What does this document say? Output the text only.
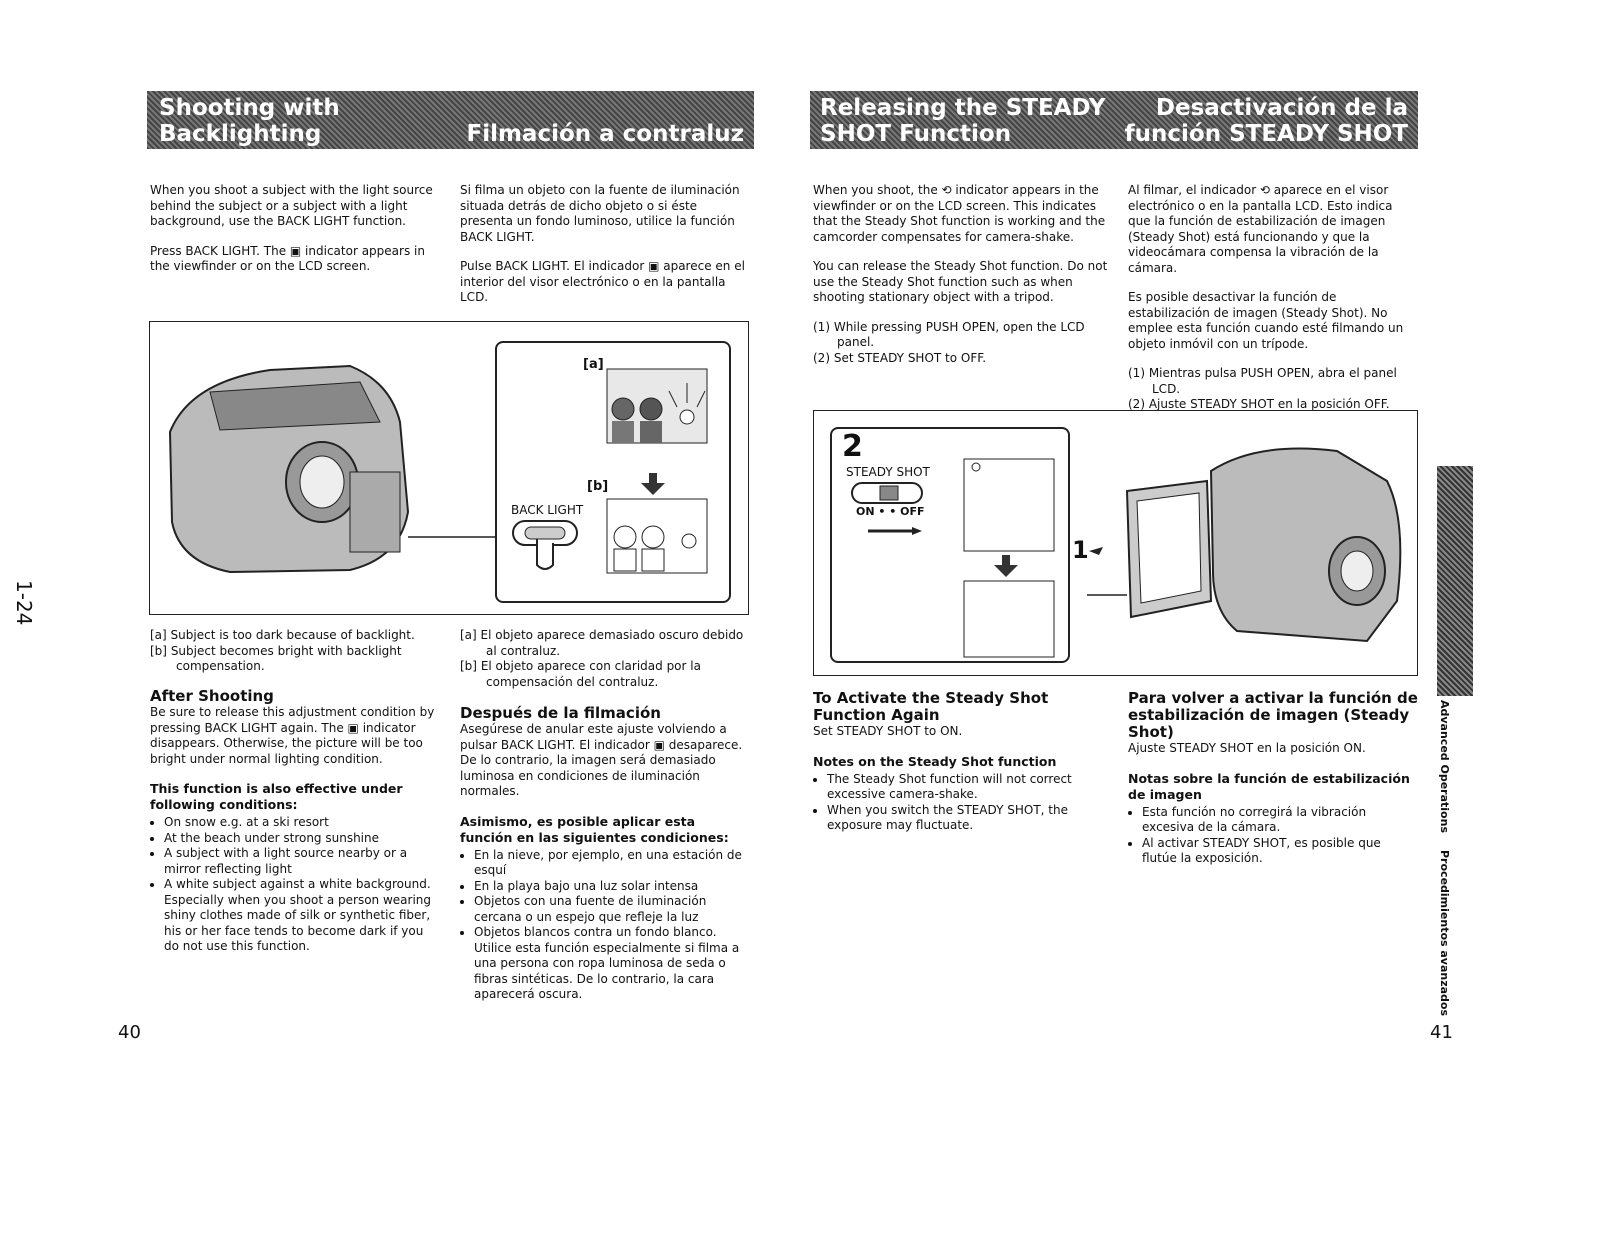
Shooting with
Backlighting	Filmación a contraluz

When you shoot a subject with the light source behind the subject or a subject with a light background, use the BACK LIGHT function.

Press BACK LIGHT. The ▣ indicator appears in the viewfinder or on the LCD screen.

Si filma un objeto con la fuente de iluminación situada detrás de dicho objeto o si éste presenta un fondo luminoso, utilice la función BACK LIGHT.

Pulse BACK LIGHT. El indicador ▣ aparece en el interior del visor electrónico o en la pantalla LCD.

[a]
[b]
BACK LIGHT
[a] Subject is too dark because of backlight.
[b] Subject becomes bright with backlight compensation.
[a] El objeto aparece demasiado oscuro debido al contraluz.
[b] El objeto aparece con claridad por la compensación del contraluz.
After Shooting
Be sure to release this adjustment condition by pressing BACK LIGHT again. The ▣ indicator disappears. Otherwise, the picture will be too bright under normal lighting condition.
This function is also effective under following conditions:
• On snow e.g. at a ski resort
• At the beach under strong sunshine
• A subject with a light source nearby or a mirror reflecting light
• A white subject against a white background. Especially when you shoot a person wearing shiny clothes made of silk or synthetic fiber, his or her face tends to become dark if you do not use this function.
Después de la filmación
Asegúrese de anular este ajuste volviendo a pulsar BACK LIGHT. El indicador ▣ desaparece. De lo contrario, la imagen será demasiado luminosa en condiciones de iluminación normales.
Asimismo, es posible aplicar esta función en las siguientes condiciones:
• En la nieve, por ejemplo, en una estación de esquí
• En la playa bajo una luz solar intensa
• Objetos con una fuente de iluminación cercana o un espejo que refleje la luz
• Objetos blancos contra un fondo blanco. Utilice esta función especialmente si filma a una persona con ropa luminosa de seda o fibras sintéticas. De lo contrario, la cara aparecerá oscura.
1-24
40
Releasing the STEADY
SHOT Function
Desactivación de la
función STEADY SHOT

When you shoot, the ⟲ indicator appears in the viewfinder or on the LCD screen. This indicates that the Steady Shot function is working and the camcorder compensates for camera-shake.

You can release the Steady Shot function. Do not use the Steady Shot function such as when shooting stationary object with a tripod.

(1) While pressing PUSH OPEN, open the LCD panel.
(2) Set STEADY SHOT to OFF.

Al filmar, el indicador ⟲ aparece en el visor electrónico o en la pantalla LCD. Esto indica que la función de estabilización de imagen (Steady Shot) está funcionando y que la videocámara compensa la vibración de la cámara.

Es posible desactivar la función de estabilización de imagen (Steady Shot). No emplee esta función cuando esté filmando un objeto inmóvil con un trípode.

(1) Mientras pulsa PUSH OPEN, abra el panel LCD.
(2) Ajuste STEADY SHOT en la posición OFF.
2
STEADY SHOT
ON • • OFF
1
To Activate the Steady Shot Function Again
Set STEADY SHOT to ON.
Notes on the Steady Shot function
• The Steady Shot function will not correct excessive camera-shake.
• When you switch the STEADY SHOT, the exposure may fluctuate.
Para volver a activar la función de estabilización de imagen (Steady Shot)
Ajuste STEADY SHOT en la posición ON.
Notas sobre la función de estabilización de imagen
• Esta función no corregirá la vibración excesiva de la cámara.
• Al activar STEADY SHOT, es posible que flutúe la exposición.
Advanced Operations
Procedimientos avanzados
41
